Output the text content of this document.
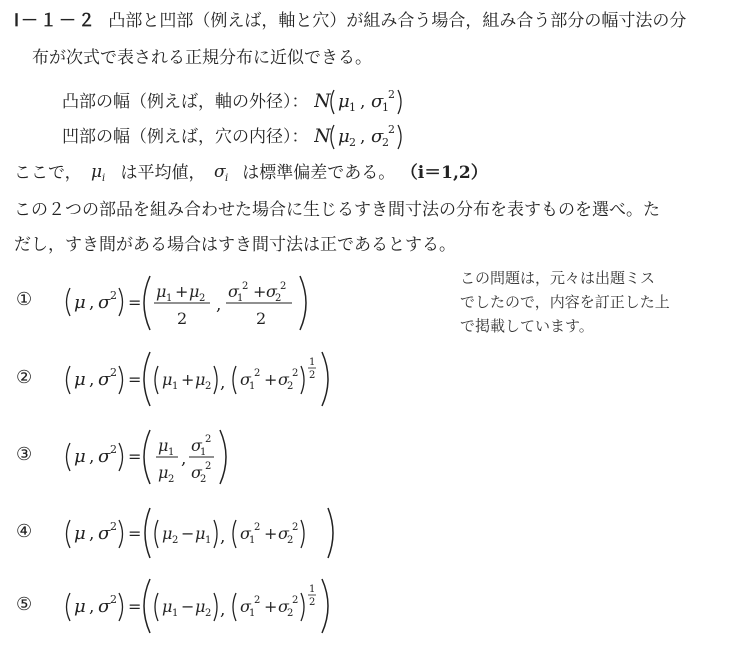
Ⅰ－１－２ 凸部と凹部（例えば，軸と穴）が組み合う場合，組み合う部分の幅寸法の分
布が次式で表される正規分布に近似できる。
凸部の幅（例えば，軸の外径）： N μ 1 , σ
1
2
凹部の幅（例えば，穴の内径）： N μ 2 , σ
2
2
ここで， μ i は平均値， σ i は標準偏差である。 （i＝1,2）
この２つの部品を組み合わせた場合に生じるすき間寸法の分布を表すものを選べ。た
だし，すき間がある場合はすき間寸法は正であるとする。
この問題は，元々は出題ミス
でしたので，内容を訂正した上
で掲載しています。
① μ , σ 2 =
μ 1 + μ 2
2
,
σ
1
2 + σ
2
2
2
② μ , σ 2 = μ 1 + μ 2 , σ
1
2 + σ
2
2
1
2
③ μ , σ 2 =
μ 1
μ 2
,
σ
1
2
σ
2
2
④ μ , σ 2 = μ 2 − μ 1 , σ
1
2 + σ
2
2
⑤ μ , σ 2 = μ 1 − μ 2 , σ
1
2 + σ
2
2
1
2
